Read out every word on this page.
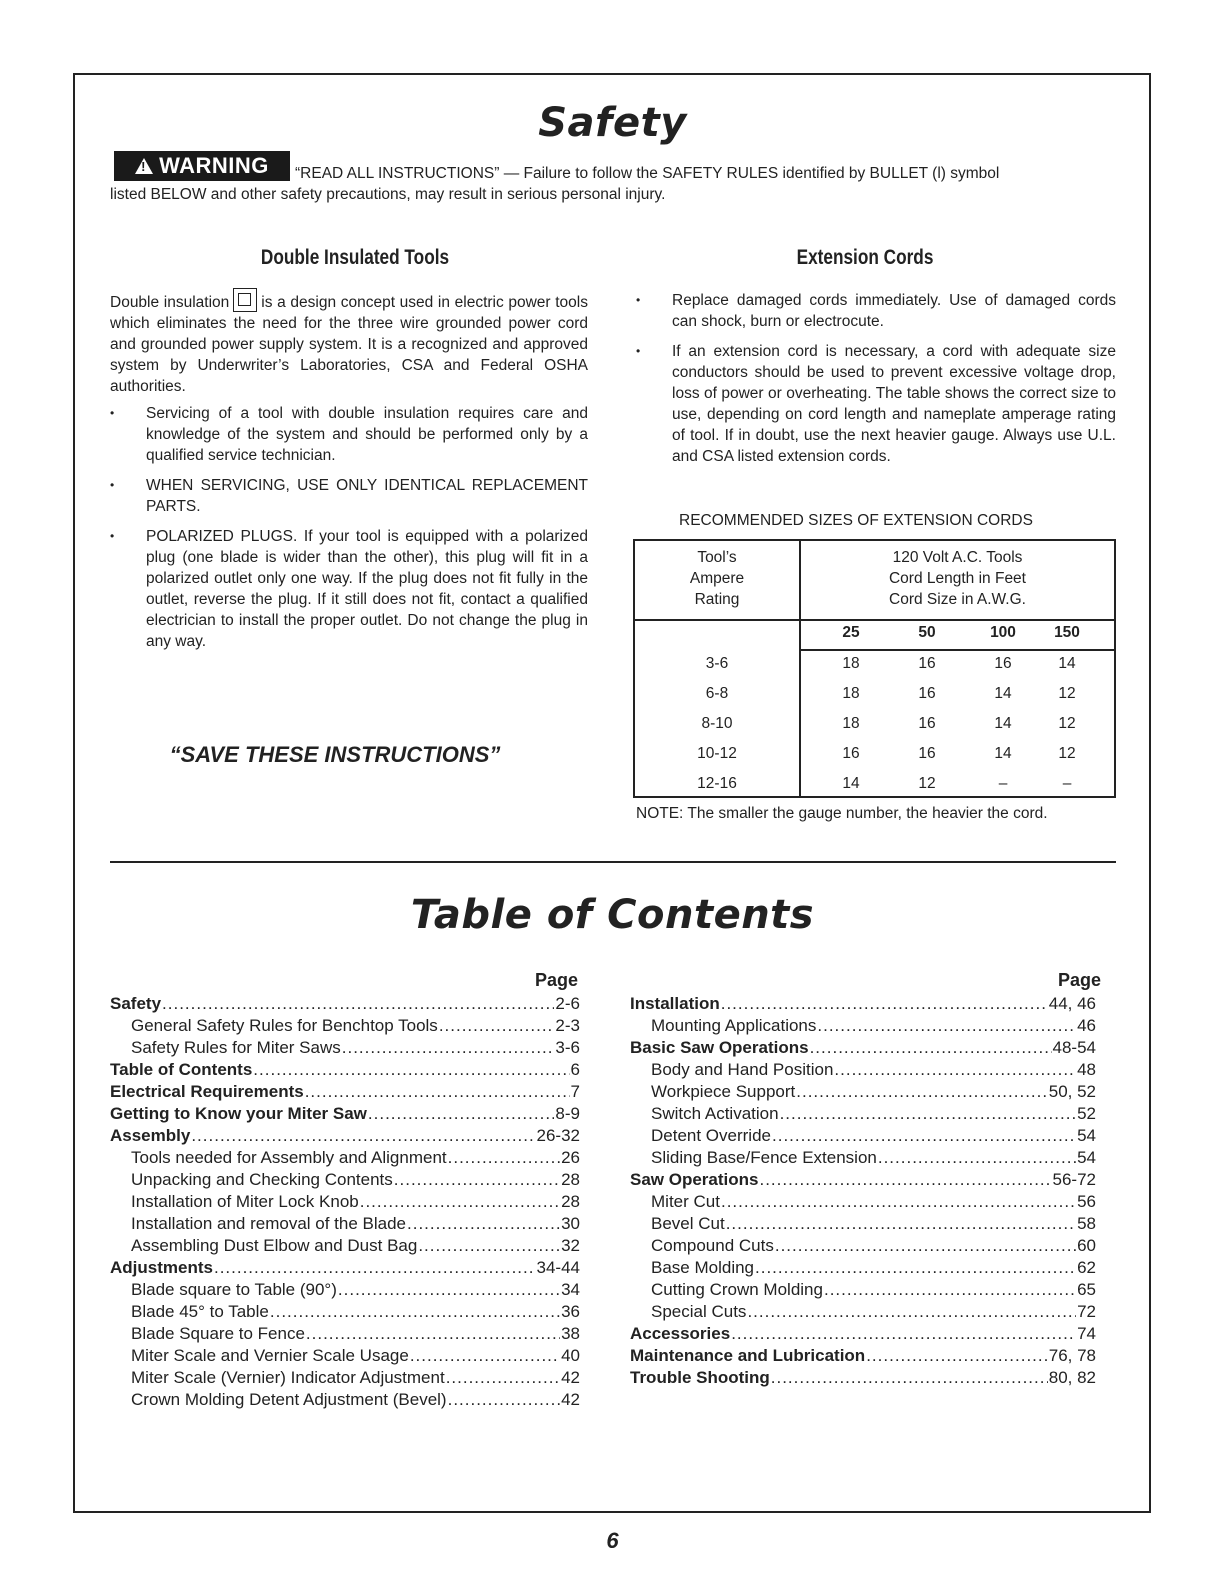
Safety
!
WARNING	“READ ALL INSTRUCTIONS” — Failure to follow the SAFETY RULES identified by BULLET (l) symbol
listed BELOW and other safety precautions, may result in serious personal injury.
Double Insulated Tools
Double insulation is a design concept used in electric power tools which eliminates the need for the three wire grounded power cord and grounded power supply system. It is a recognized and approved system by Underwriter’s Laboratories, CSA and Federal OSHA authorities.
• Servicing of a tool with double insulation requires care and knowledge of the system and should be performed only by a qualified service technician.
• WHEN SERVICING, USE ONLY IDENTICAL REPLACEMENT PARTS.
• POLARIZED PLUGS. If your tool is equipped with a polarized plug (one blade is wider than the other), this plug will fit in a polarized outlet only one way. If the plug does not fit fully in the outlet, reverse the plug. If it still does not fit, contact a qualified electrician to install the proper outlet. Do not change the plug in any way.
“SAVE THESE INSTRUCTIONS”
Extension Cords
• Replace damaged cords immediately. Use of damaged cords can shock, burn or electrocute.
• If an extension cord is necessary, a cord with adequate size conductors should be used to prevent excessive voltage drop, loss of power or overheating. The table shows the correct size to use, depending on cord length and nameplate amperage rating of tool. If in doubt, use the next heavier gauge. Always use U.L. and CSA listed extension cords.
RECOMMENDED SIZES OF EXTENSION CORDS
Tool’s
Ampere
Rating
120 Volt A.C. Tools
Cord Length in Feet
Cord Size in A.W.G.
25	50	100	150
3-6	18	16	16	14
6-8	18	16	14	12
8-10	18	16	14	12
10-12	16	16	14	12
12-16	14	12	–	–
NOTE: The smaller the gauge number, the heavier the cord.
Table of Contents
Page	Page
Safety .....	2-6
General Safety Rules for Benchtop Tools .....	2-3
Safety Rules for Miter Saws .....	3-6
Table of Contents .....	6
Electrical Requirements .....	7
Getting to Know your Miter Saw .....	8-9
Assembly .....	26-32
Tools needed for Assembly and Alignment .....	26
Unpacking and Checking Contents .....	28
Installation of Miter Lock Knob .....	28
Installation and removal of the Blade .....	30
Assembling Dust Elbow and Dust Bag .....	32
Adjustments .....	34-44
Blade square to Table (90°) .....	34
Blade 45° to Table .....	36
Blade Square to Fence .....	38
Miter Scale and Vernier Scale Usage .....	40
Miter Scale (Vernier) Indicator Adjustment .....	42
Crown Molding Detent Adjustment (Bevel) .....	42
Installation .....	44, 46
Mounting Applications .....	46
Basic Saw Operations .....	48-54
Body and Hand Position .....	48
Workpiece Support .....	50, 52
Switch Activation .....	52
Detent Override .....	54
Sliding Base/Fence Extension .....	54
Saw Operations .....	56-72
Miter Cut .....	56
Bevel Cut .....	58
Compound Cuts .....	60
Base Molding .....	62
Cutting Crown Molding .....	65
Special Cuts .....	72
Accessories .....	74
Maintenance and Lubrication .....	76, 78
Trouble Shooting .....	80, 82
6
